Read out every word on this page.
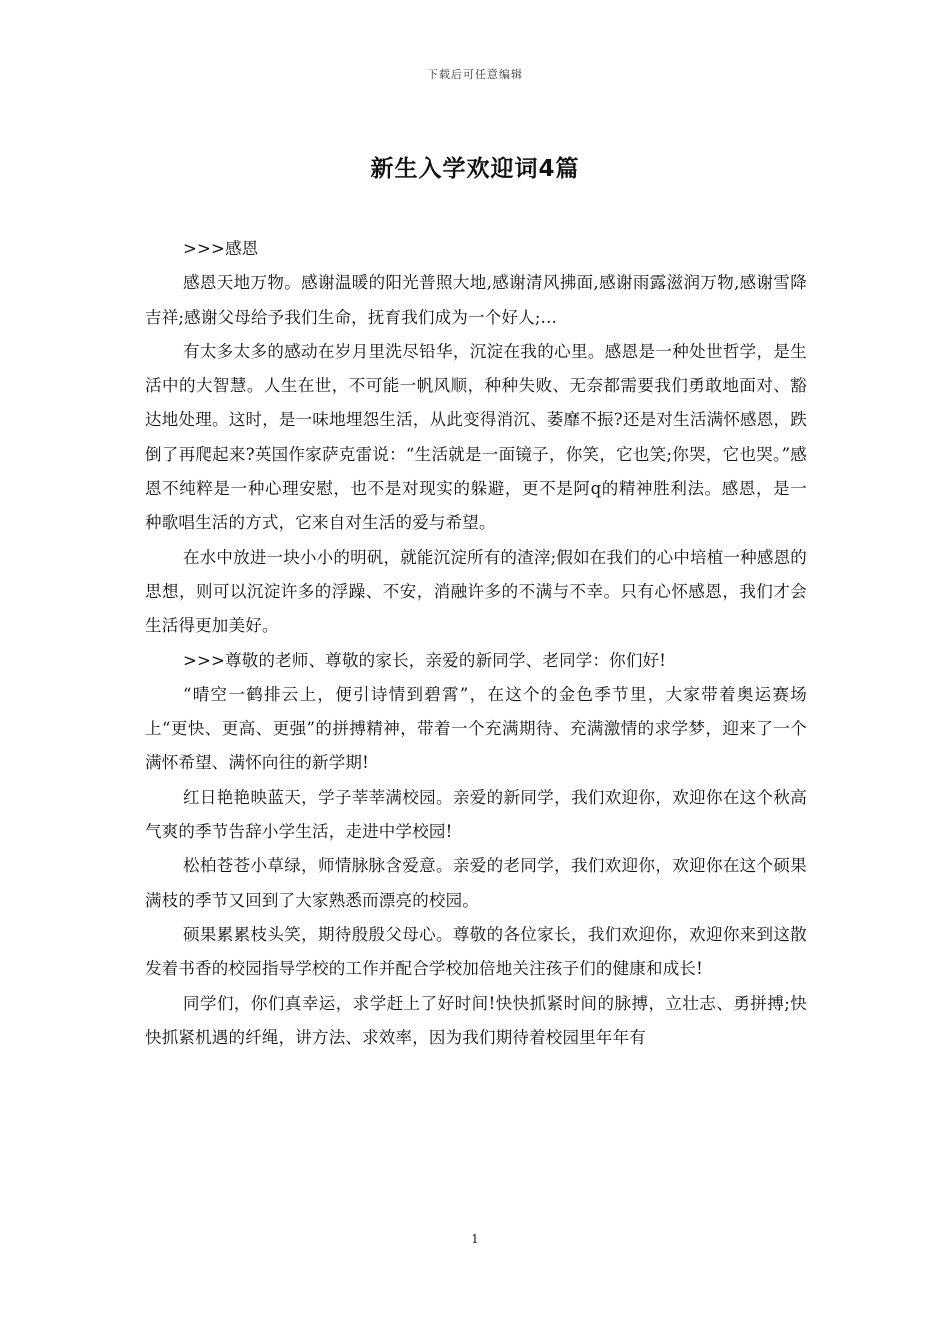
下载后可任意编辑
新生入学欢迎词4篇

>>>感恩

感恩天地万物。感谢温暖的阳光普照大地,感谢清风拂面,感谢雨露滋润万物,感谢雪降吉祥;感谢父母给予我们生命，抚育我们成为一个好人;...

有太多太多的感动在岁月里洗尽铅华，沉淀在我的心里。感恩是一种处世哲学，是生活中的大智慧。人生在世，不可能一帆风顺，种种失败、无奈都需要我们勇敢地面对、豁达地处理。这时，是一味地埋怨生活，从此变得消沉、萎靡不振?还是对生活满怀感恩，跌倒了再爬起来?英国作家萨克雷说：“生活就是一面镜子，你笑，它也笑;你哭，它也哭。”感恩不纯粹是一种心理安慰，也不是对现实的躲避，更不是阿q的精神胜利法。感恩，是一种歌唱生活的方式，它来自对生活的爱与希望。

在水中放进一块小小的明矾，就能沉淀所有的渣滓;假如在我们的心中培植一种感恩的思想，则可以沉淀许多的浮躁、不安，消融许多的不满与不幸。只有心怀感恩，我们才会生活得更加美好。

>>>尊敬的老师、尊敬的家长，亲爱的新同学、老同学：你们好!

“晴空一鹤排云上，便引诗情到碧霄”，在这个的金色季节里，大家带着奥运赛场上“更快、更高、更强”的拼搏精神，带着一个充满期待、充满激情的求学梦，迎来了一个满怀希望、满怀向往的新学期!

红日艳艳映蓝天，学子莘莘满校园。亲爱的新同学，我们欢迎你，欢迎你在这个秋高气爽的季节告辞小学生活，走进中学校园!

松柏苍苍小草绿，师情脉脉含爱意。亲爱的老同学，我们欢迎你，欢迎你在这个硕果满枝的季节又回到了大家熟悉而漂亮的校园。

硕果累累枝头笑，期待殷殷父母心。尊敬的各位家长，我们欢迎你，欢迎你来到这散发着书香的校园指导学校的工作并配合学校加倍地关注孩子们的健康和成长!

同学们，你们真幸运，求学赶上了好时间!快快抓紧时间的脉搏，立壮志、勇拼搏;快快抓紧机遇的纤绳，讲方法、求效率，因为我们期待着校园里年年有

1
